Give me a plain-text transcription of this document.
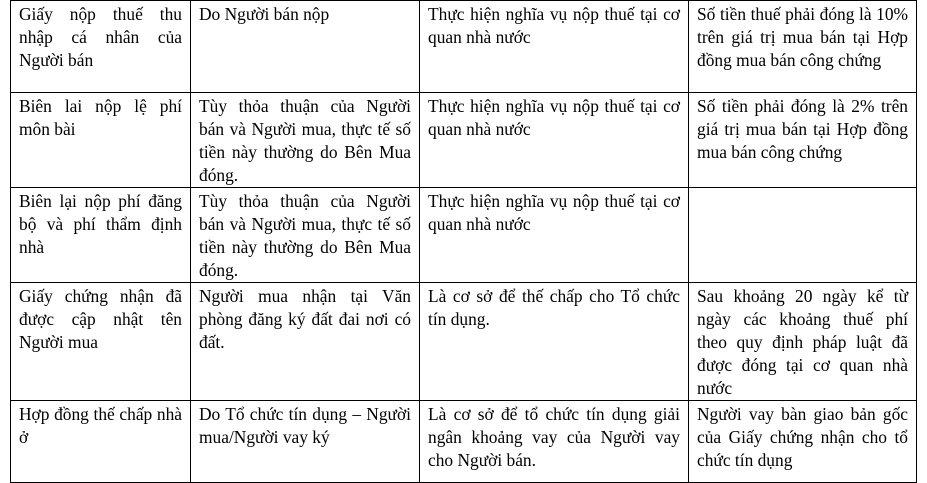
Giấy nộp thuế thu nhập cá nhân của Người bán	Do Người bán nộp	Thực hiện nghĩa vụ nộp thuế tại cơ quan nhà nước	Số tiền thuế phải đóng là 10% trên giá trị mua bán tại Hợp đồng mua bán công chứng
Biên lai nộp lệ phí môn bài	Tùy thỏa thuận của Người bán và Người mua, thực tế số tiền này thường do Bên Mua đóng.	Thực hiện nghĩa vụ nộp thuế tại cơ quan nhà nước	Số tiền phải đóng là 2% trên giá trị mua bán tại Hợp đồng mua bán công chứng
Biên lại nộp phí đăng bộ và phí thẩm định nhà	Tùy thỏa thuận của Người bán và Người mua, thực tế số tiền này thường do Bên Mua đóng.	Thực hiện nghĩa vụ nộp thuế tại cơ quan nhà nước	
Giấy chứng nhận đã được cập nhật tên Người mua	Người mua nhận tại Văn phòng đăng ký đất đai nơi có đất.	Là cơ sở để thế chấp cho Tổ chức tín dụng.	Sau khoảng 20 ngày kể từ ngày các khoảng thuế phí theo quy định pháp luật đã được đóng tại cơ quan nhà nước
Hợp đồng thế chấp nhà ở	Do Tổ chức tín dụng – Người mua/Người vay ký	Là cơ sở để tổ chức tín dụng giải ngân khoảng vay của Người vay cho Người bán.	Người vay bàn giao bản gốc của Giấy chứng nhận cho tổ chức tín dụng
